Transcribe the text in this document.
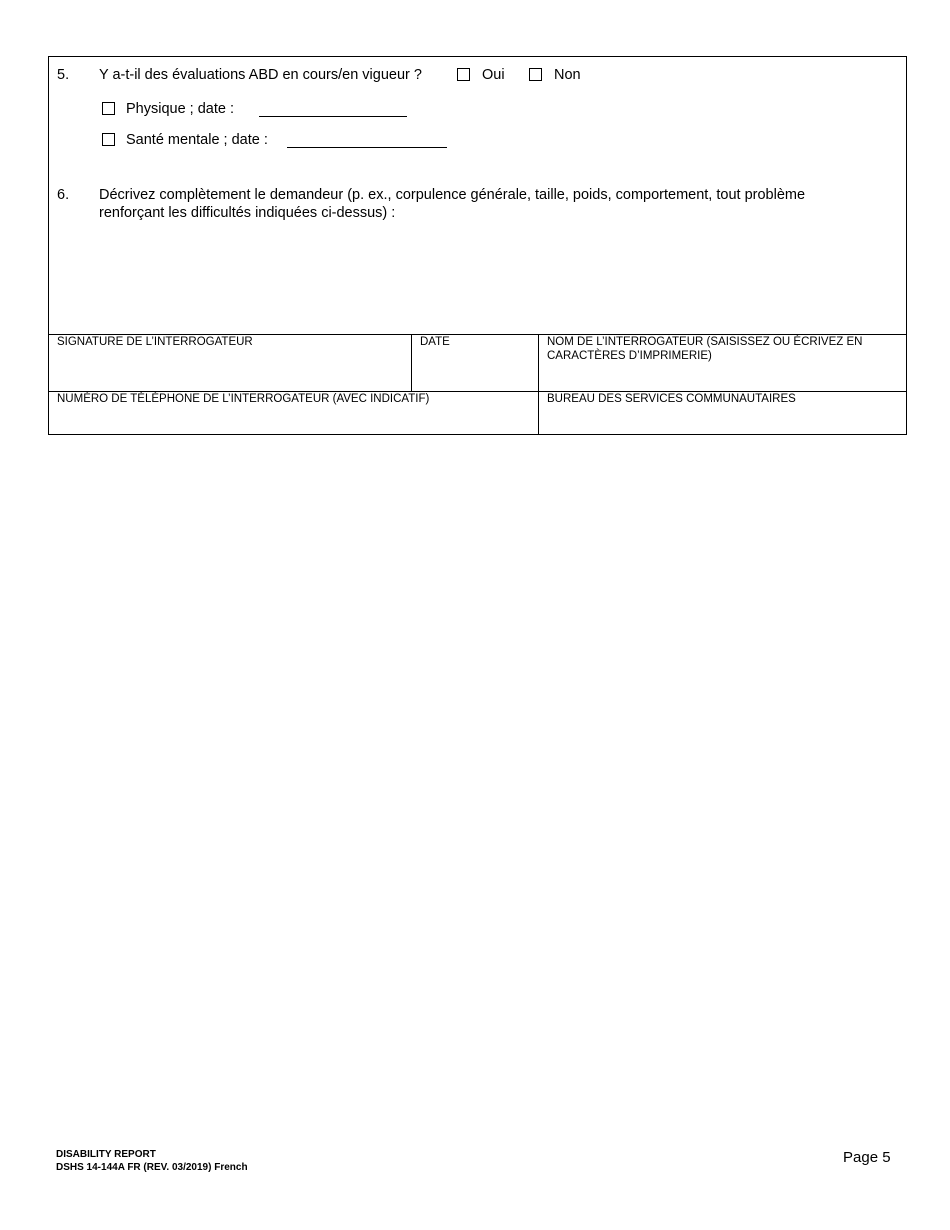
5. Y a-t-il des évaluations ABD en cours/en vigueur ?	Oui	Non
Physique ; date :
Santé mentale ; date :
6. Décrivez complètement le demandeur (p. ex., corpulence générale, taille, poids, comportement, tout problème
renforçant les difficultés indiquées ci-dessus) :
SIGNATURE DE L’INTERROGATEUR	DATE	NOM DE L’INTERROGATEUR (SAISISSEZ OU ÉCRIVEZ EN
CARACTÈRES D’IMPRIMERIE)
NUMÉRO DE TÉLÉPHONE DE L’INTERROGATEUR (AVEC INDICATIF)	BUREAU DES SERVICES COMMUNAUTAIRES
DISABILITY REPORT
DSHS 14-144A FR (REV. 03/2019) French
Page 5
